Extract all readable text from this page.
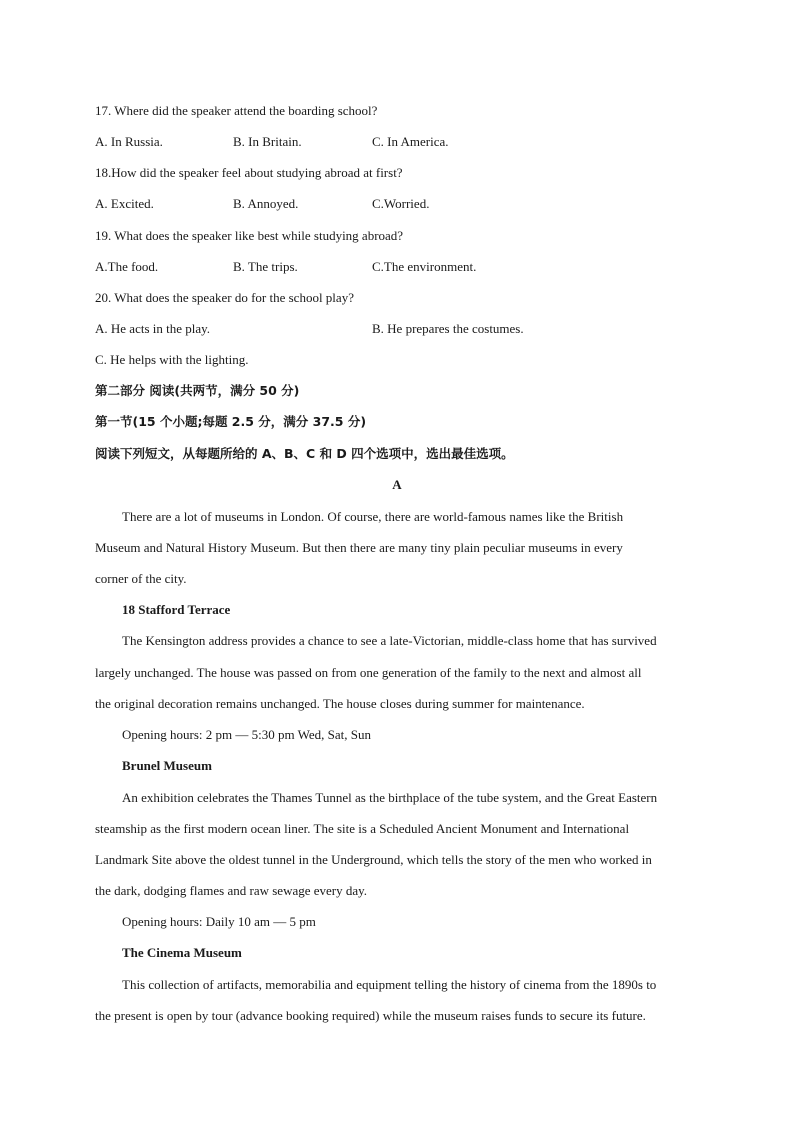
17. Where did the speaker attend the boarding school?
A. In Russia.	B. In Britain.	C. In America.
18.How did the speaker feel about studying abroad at first?
A. Excited.	B. Annoyed.	C.Worried.
19. What does the speaker like best while studying abroad?
A.The food.	B. The trips.	C.The environment.
20. What does the speaker do for the school play?
A. He acts in the play.	B. He prepares the costumes.
C. He helps with the lighting.
第二部分 阅读(共两节，满分 50 分)
第一节(15 个小题;每题 2.5 分，满分 37.5 分)
阅读下列短文，从每题所给的 A、B、C 和 D 四个选项中，选出最佳选项。
A
There are a lot of museums in London. Of course, there are world-famous names like the British
Museum and Natural History Museum. But then there are many tiny plain peculiar museums in every
corner of the city.
18 Stafford Terrace
The Kensington address provides a chance to see a late-Victorian, middle-class home that has survived
largely unchanged. The house was passed on from one generation of the family to the next and almost all
the original decoration remains unchanged. The house closes during summer for maintenance.
Opening hours: 2 pm — 5:30 pm Wed, Sat, Sun
Brunel Museum
An exhibition celebrates the Thames Tunnel as the birthplace of the tube system, and the Great Eastern
steamship as the first modern ocean liner. The site is a Scheduled Ancient Monument and International
Landmark Site above the oldest tunnel in the Underground, which tells the story of the men who worked in
the dark, dodging flames and raw sewage every day.
Opening hours: Daily 10 am — 5 pm
The Cinema Museum
This collection of artifacts, memorabilia and equipment telling the history of cinema from the 1890s to
the present is open by tour (advance booking required) while the museum raises funds to secure its future.
